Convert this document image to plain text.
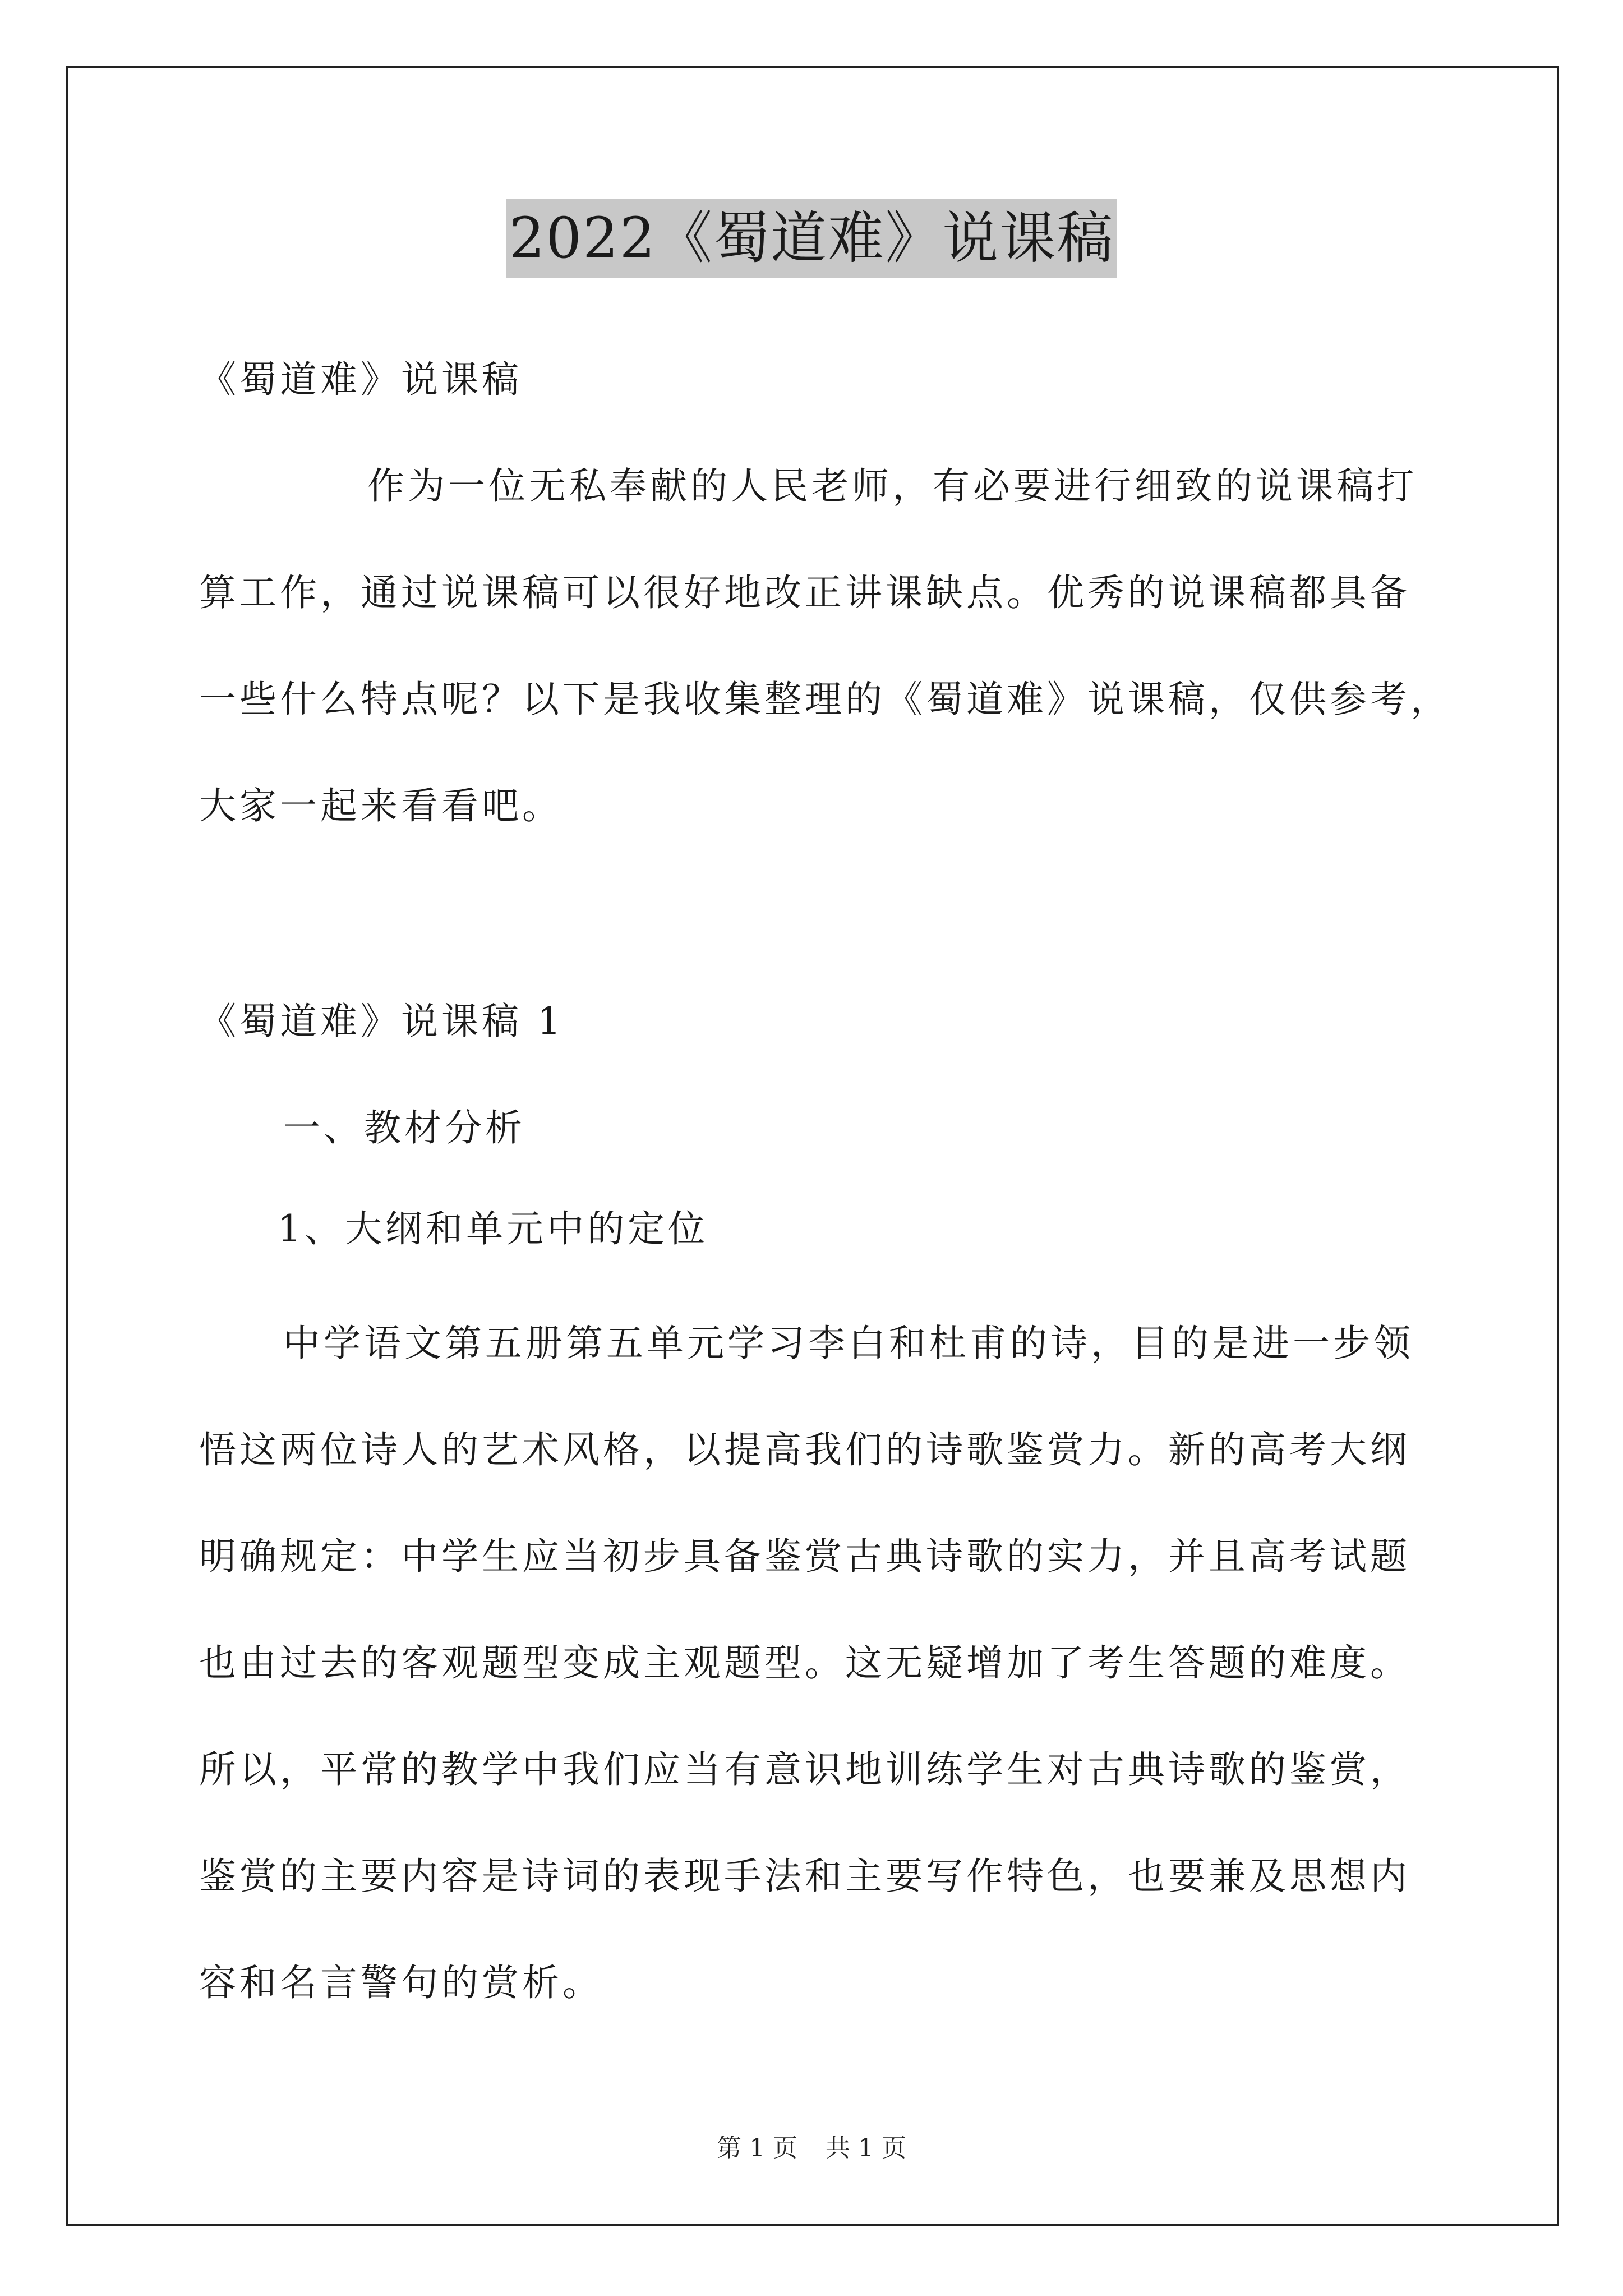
2022《蜀道难》说课稿
《蜀道难》说课稿
作为一位无私奉献的人民老师，有必要进行细致的说课稿打
算工作，通过说课稿可以很好地改正讲课缺点。优秀的说课稿都具备
一些什么特点呢？以下是我收集整理的《蜀道难》说课稿，仅供参考，
大家一起来看看吧。
《蜀道难》说课稿 1
一、教材分析
1、大纲和单元中的定位
中学语文第五册第五单元学习李白和杜甫的诗，目的是进一步领
悟这两位诗人的艺术风格，以提高我们的诗歌鉴赏力。新的高考大纲
明确规定：中学生应当初步具备鉴赏古典诗歌的实力，并且高考试题
也由过去的客观题型变成主观题型。这无疑增加了考生答题的难度。
所以，平常的教学中我们应当有意识地训练学生对古典诗歌的鉴赏，
鉴赏的主要内容是诗词的表现手法和主要写作特色，也要兼及思想内
容和名言警句的赏析。
第 1 页 共 1 页
